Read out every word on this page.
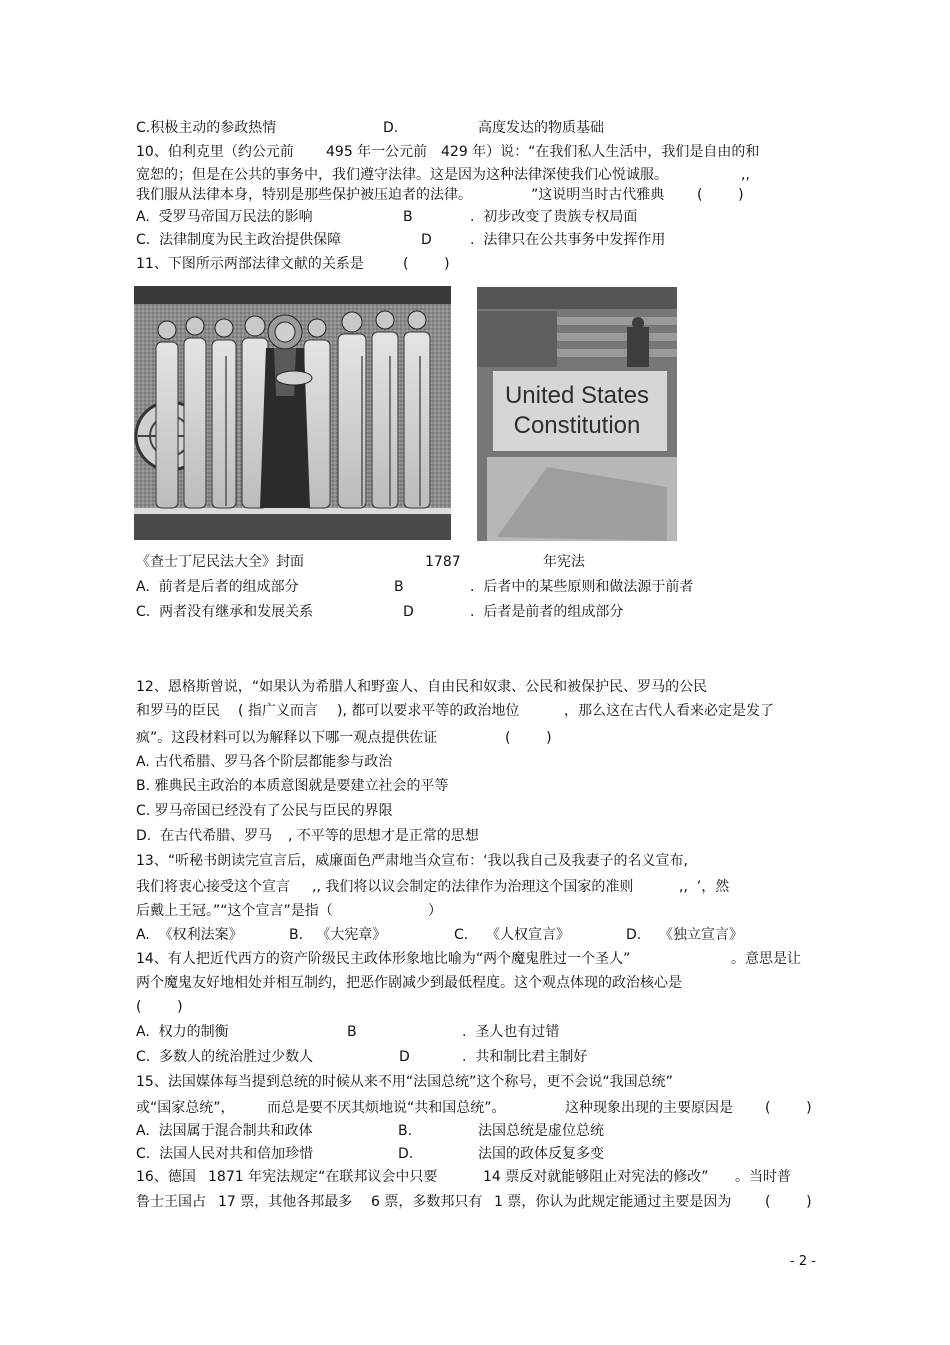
C.积极主动的参政热情	D.	高度发达的物质基础
10、伯利克里（约公元前 495 年一公元前 429 年）说：“在我们私人生活中，我们是自由的和
宽恕的；但是在公共的事务中，我们遵守法律。这是因为这种法律深使我们心悦诚服。	,,
我们服从法律本身，特别是那些保护被压迫者的法律。	”这说明当时古代雅典 (        )
A.  受罗马帝国万民法的影响	B	.  初步改变了贵族专权局面
C.  法律制度为民主政治提供保障	D	.  法律只在公共事务中发挥作用
11、下图所示两部法律文献的关系是	(        )
《查士丁尼民法大全》封面	1787	年宪法
A.  前者是后者的组成部分	B	.  后者中的某些原则和做法源于前者
C.  两者没有继承和发展关系	D	.  后者是前者的组成部分
12、恩格斯曾说，“如果认为希腊人和野蛮人、自由民和奴隶、公民和被保护民、罗马的公民
和罗马的臣民 ( 指广义而言 ), 都可以要求平等的政治地位	，那么这在古代人看来必定是发了
疯”。这段材料可以为解释以下哪一观点提供佐证	(        )
A. 古代希腊、罗马各个阶层都能参与政治
B. 雅典民主政治的本质意图就是要建立社会的平等
C. 罗马帝国已经没有了公民与臣民的界限
D.  在古代希腊、罗马 , 不平等的思想才是正常的思想
13、“听秘书朗读完宣言后，威廉面色严肃地当众宣布：‘我以我自己及我妻子的名义宣布,
我们将衷心接受这个宣言 ,, 我们将以议会制定的法律作为治理这个国家的准则	,,  ’，然
后戴上王冠。”“这个宣言”是指（	）
A.  《权利法案》	B.   《大宪章》	C.    《人权宣言》	D.    《独立宣言》
14、有人把近代西方的资产阶级民主政体形象地比喻为“两个魔鬼胜过一个圣人”	。意思是让
两个魔鬼友好地相处并相互制约，把恶作剧减少到最低程度。这个观点体现的政治核心是
(        )
A.  权力的制衡	B	.  圣人也有过错
C.  多数人的统治胜过少数人	D	.  共和制比君主制好
15、法国媒体每当提到总统的时候从来不用“法国总统”这个称号，更不会说“我国总统”
或“国家总统”， 而总是要不厌其烦地说“共和国总统”。	这种现象出现的主要原因是 (        )
A.  法国属于混合制共和政体	B.	法国总统是虚位总统
C.  法国人民对共和倍加珍惜	D.	法国的政体反复多变
16、德国 1871 年宪法规定“在联邦议会中只要	14 票反对就能够阻止对宪法的修改” 。当时普
鲁士王国占 17 票，其他各邦最多 6 票，多数邦只有 1 票，你认为此规定能通过主要是因为 (        )
United States
Constitution
- 2 -
